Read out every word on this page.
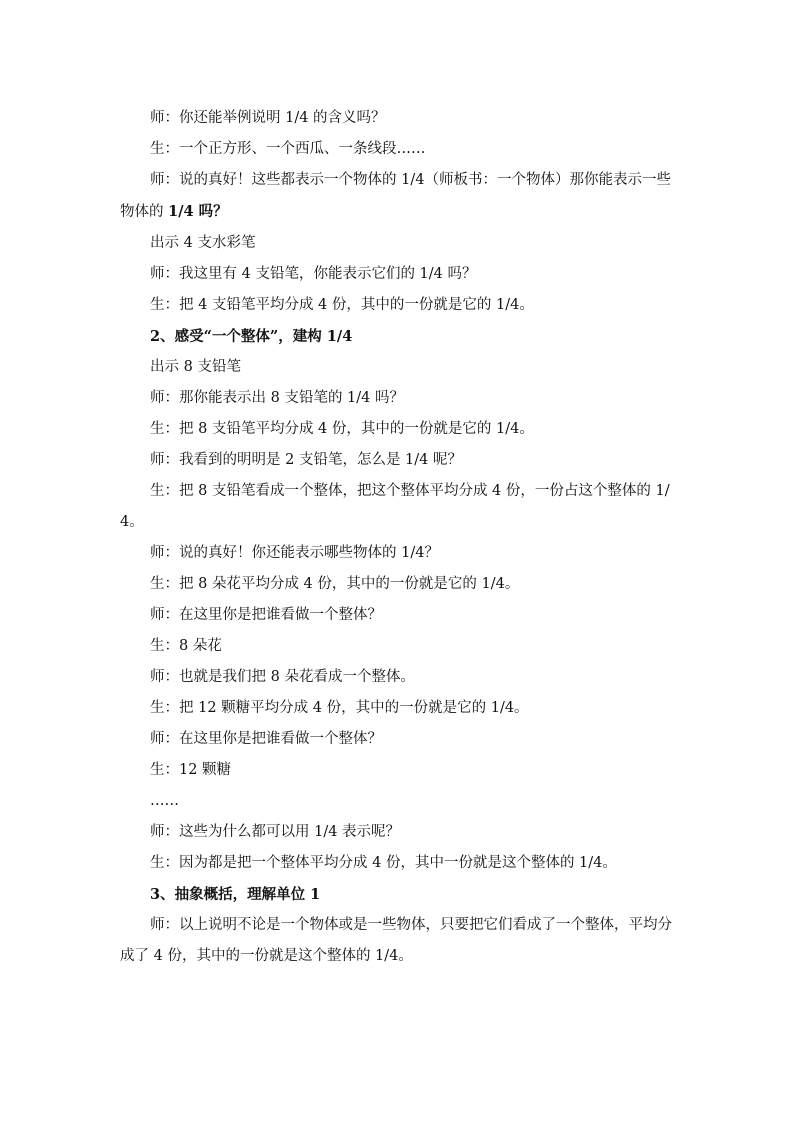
师：你还能举例说明 1/4 的含义吗？

生：一个正方形、一个西瓜、一条线段……

师：说的真好！这些都表示一个物体的 1/4（师板书：一个物体）那你能表示一些物体的 1/4 吗？

出示 4 支水彩笔

师：我这里有 4 支铅笔，你能表示它们的 1/4 吗？

生：把 4 支铅笔平均分成 4 份，其中的一份就是它的 1/4。

2、感受“一个整体”，建构 1/4

出示 8 支铅笔

师：那你能表示出 8 支铅笔的 1/4 吗？

生：把 8 支铅笔平均分成 4 份，其中的一份就是它的 1/4。

师：我看到的明明是 2 支铅笔，怎么是 1/4 呢？

生：把 8 支铅笔看成一个整体，把这个整体平均分成 4 份，一份占这个整体的 1/4。

师：说的真好！你还能表示哪些物体的 1/4？

生：把 8 朵花平均分成 4 份，其中的一份就是它的 1/4。

师：在这里你是把谁看做一个整体？

生：8 朵花

师：也就是我们把 8 朵花看成一个整体。

生：把 12 颗糖平均分成 4 份，其中的一份就是它的 1/4。

师：在这里你是把谁看做一个整体？

生：12 颗糖

……

师：这些为什么都可以用 1/4 表示呢？

生：因为都是把一个整体平均分成 4 份，其中一份就是这个整体的 1/4。

3、抽象概括，理解单位 1

师：以上说明不论是一个物体或是一些物体，只要把它们看成了一个整体，平均分成了 4 份，其中的一份就是这个整体的 1/4。
